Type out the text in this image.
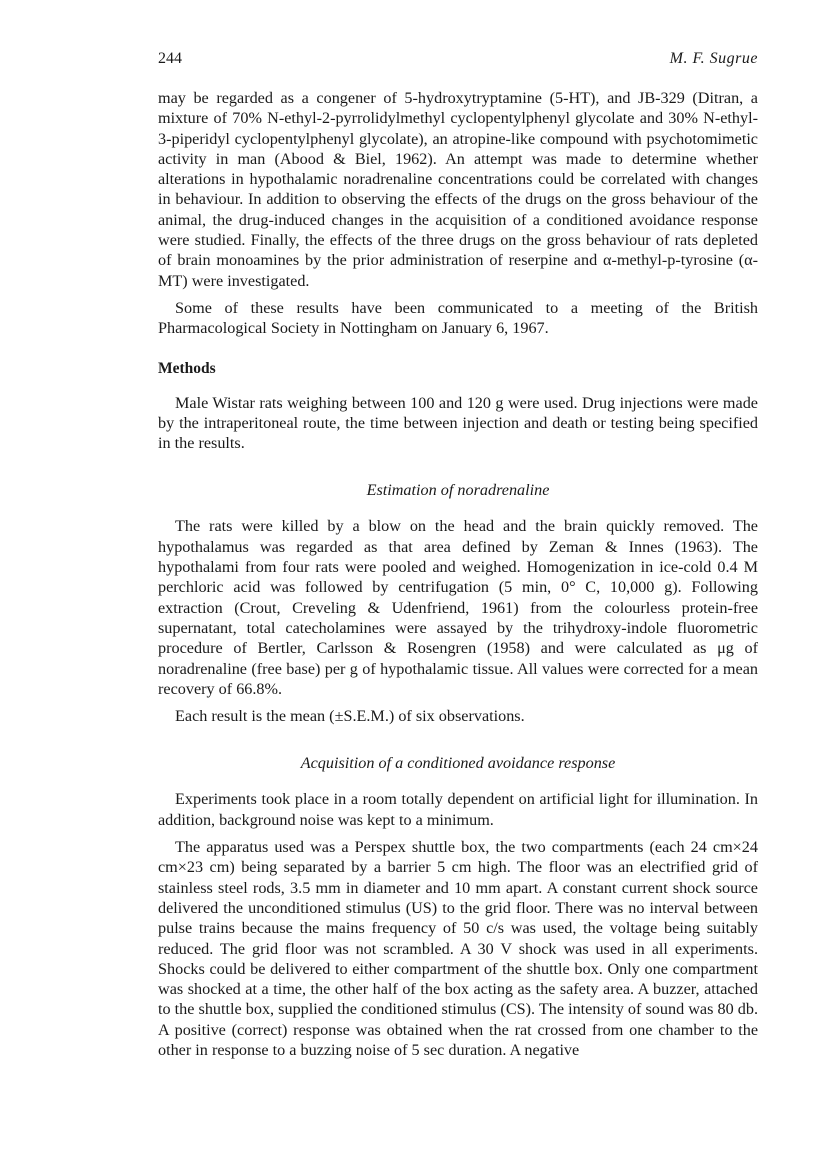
244	M. F. Sugrue

may be regarded as a congener of 5-hydroxytryptamine (5-HT), and JB-329 (Ditran, a mixture of 70% N-ethyl-2-pyrrolidylmethyl cyclopentylphenyl glycolate and 30% N-ethyl-3-piperidyl cyclopentylphenyl glycolate), an atropine-like compound with psychotomimetic activity in man (Abood & Biel, 1962). An attempt was made to determine whether alterations in hypothalamic noradrenaline concentrations could be correlated with changes in behaviour. In addition to observing the effects of the drugs on the gross behaviour of the animal, the drug-induced changes in the acquisition of a conditioned avoidance response were studied. Finally, the effects of the three drugs on the gross behaviour of rats depleted of brain monoamines by the prior administration of reserpine and α-methyl-p-tyrosine (α-MT) were investigated.

Some of these results have been communicated to a meeting of the British Pharmacological Society in Nottingham on January 6, 1967.

Methods

Male Wistar rats weighing between 100 and 120 g were used. Drug injections were made by the intraperitoneal route, the time between injection and death or testing being specified in the results.

Estimation of noradrenaline

The rats were killed by a blow on the head and the brain quickly removed. The hypothalamus was regarded as that area defined by Zeman & Innes (1963). The hypothalami from four rats were pooled and weighed. Homogenization in ice-cold 0.4 M perchloric acid was followed by centrifugation (5 min, 0° C, 10,000 g). Following extraction (Crout, Creveling & Udenfriend, 1961) from the colourless protein-free supernatant, total catecholamines were assayed by the trihydroxy-indole fluorometric procedure of Bertler, Carlsson & Rosengren (1958) and were calculated as μg of noradrenaline (free base) per g of hypothalamic tissue. All values were corrected for a mean recovery of 66.8%.

Each result is the mean (±S.E.M.) of six observations.

Acquisition of a conditioned avoidance response

Experiments took place in a room totally dependent on artificial light for illumination. In addition, background noise was kept to a minimum.

The apparatus used was a Perspex shuttle box, the two compartments (each 24 cm×24 cm×23 cm) being separated by a barrier 5 cm high. The floor was an electrified grid of stainless steel rods, 3.5 mm in diameter and 10 mm apart. A constant current shock source delivered the unconditioned stimulus (US) to the grid floor. There was no interval between pulse trains because the mains frequency of 50 c/s was used, the voltage being suitably reduced. The grid floor was not scrambled. A 30 V shock was used in all experiments. Shocks could be delivered to either compartment of the shuttle box. Only one compartment was shocked at a time, the other half of the box acting as the safety area. A buzzer, attached to the shuttle box, supplied the conditioned stimulus (CS). The intensity of sound was 80 db. A positive (correct) response was obtained when the rat crossed from one chamber to the other in response to a buzzing noise of 5 sec duration. A negative
